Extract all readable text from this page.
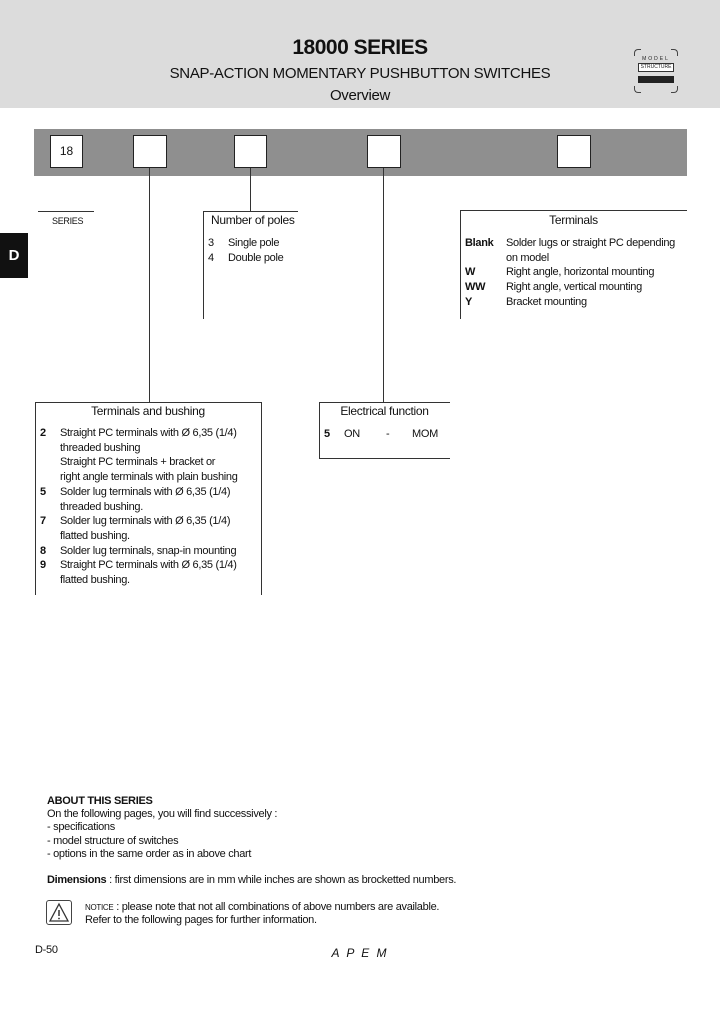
18000 SERIES
SNAP-ACTION MOMENTARY PUSHBUTTON SWITCHES
Overview
MODEL
STRUCTURE
D
18
SERIES	Number of poles
3	Single pole
4	Double pole
Terminals
Blank	Solder lugs or straight PC depending
on model
W	Right angle, horizontal mounting
WW	Right angle, vertical mounting
Y	Bracket mounting
Terminals and bushing
2	Straight PC terminals with Ø 6,35 (1/4)
threaded bushing
Straight PC terminals + bracket or
right angle terminals with plain bushing
5	Solder lug terminals with Ø 6,35 (1/4)
threaded bushing.
7	Solder lug terminals with Ø 6,35 (1/4)
flatted bushing.
8	Solder lug terminals, snap-in mounting
9	Straight PC terminals with Ø 6,35 (1/4)
flatted bushing.
Electrical function
5	ON	-	MOM
ABOUT THIS SERIES
On the following pages, you will find successively :
- specifications
- model structure of switches
- options in the same order as in above chart
Dimensions : first dimensions are in mm while inches are shown as brocketted numbers.
NOTICE : please note that not all combinations of above numbers are available.
Refer to the following pages for further information.
D-50	A P E M
